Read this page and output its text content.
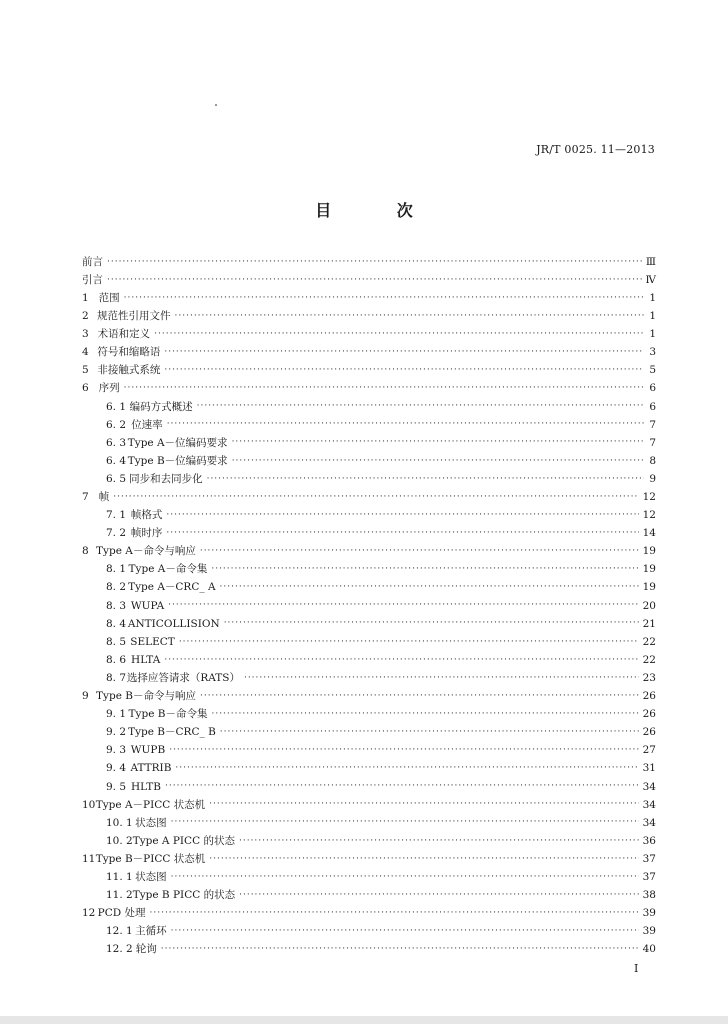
JR/T 0025. 11—2013
目 次
前言 ·····	Ⅲ
引言 ·····	Ⅳ
1 范围 ·····	1
2 规范性引用文件 ·····	1
3 术语和定义 ·····	1
4 符号和缩略语 ·····	3
5 非接触式系统 ·····	5
6 序列 ·····	6
6. 1 编码方式概述 ·····	6
6. 2 位速率 ·····	7
6. 3 Type A－位编码要求 ·····	7
6. 4 Type B－位编码要求 ·····	8
6. 5 同步和去同步化 ·····	9
7 帧 ·····	12
7. 1 帧格式 ·····	12
7. 2 帧时序 ·····	14
8 Type A－命令与响应 ·····	19
8. 1 Type A－命令集 ·····	19
8. 2 Type A－CRC_ A ·····	19
8. 3 WUPA ·····	20
8. 4 ANTICOLLISION ·····	21
8. 5 SELECT ·····	22
8. 6 HLTA ·····	22
8. 7 选择应答请求（RATS） ·····	23
9 Type B－命令与响应 ·····	26
9. 1 Type B－命令集 ·····	26
9. 2 Type B－CRC_ B ·····	26
9. 3 WUPB ·····	27
9. 4 ATTRIB ·····	31
9. 5 HLTB ·····	34
10 Type A－PICC 状态机 ·····	34
10. 1 状态图 ·····	34
10. 2 Type A PICC 的状态 ·····	36
11 Type B－PICC 状态机 ·····	37
11. 1 状态图 ·····	37
11. 2 Type B PICC 的状态 ·····	38
12 PCD 处理 ·····	39
12. 1 主循环 ·····	39
12. 2 轮询 ·····	40
I
